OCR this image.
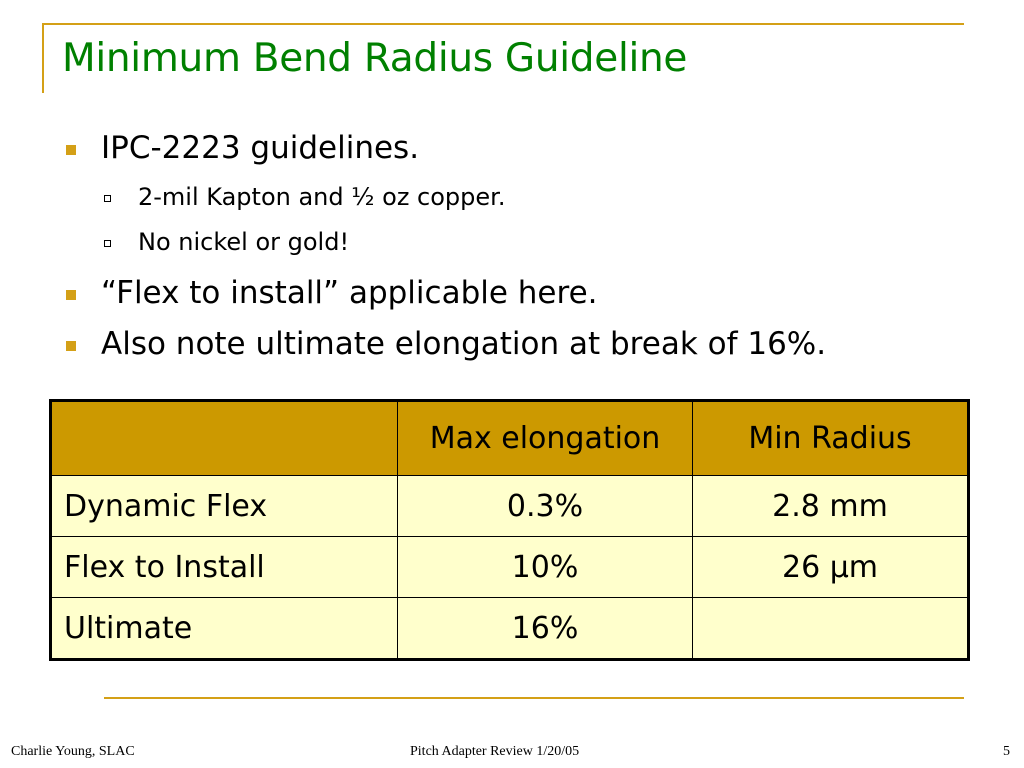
Minimum Bend Radius Guideline
IPC-2223 guidelines.
2-mil Kapton and ½ oz copper.
No nickel or gold!
“Flex to install” applicable here.
Also note ultimate elongation at break of 16%.
	Max elongation	Min Radius
Dynamic Flex	0.3%	2.8 mm
Flex to Install	10%	26 μm
Ultimate	16%	
Charlie Young, SLAC	Pitch Adapter Review 1/20/05	5
